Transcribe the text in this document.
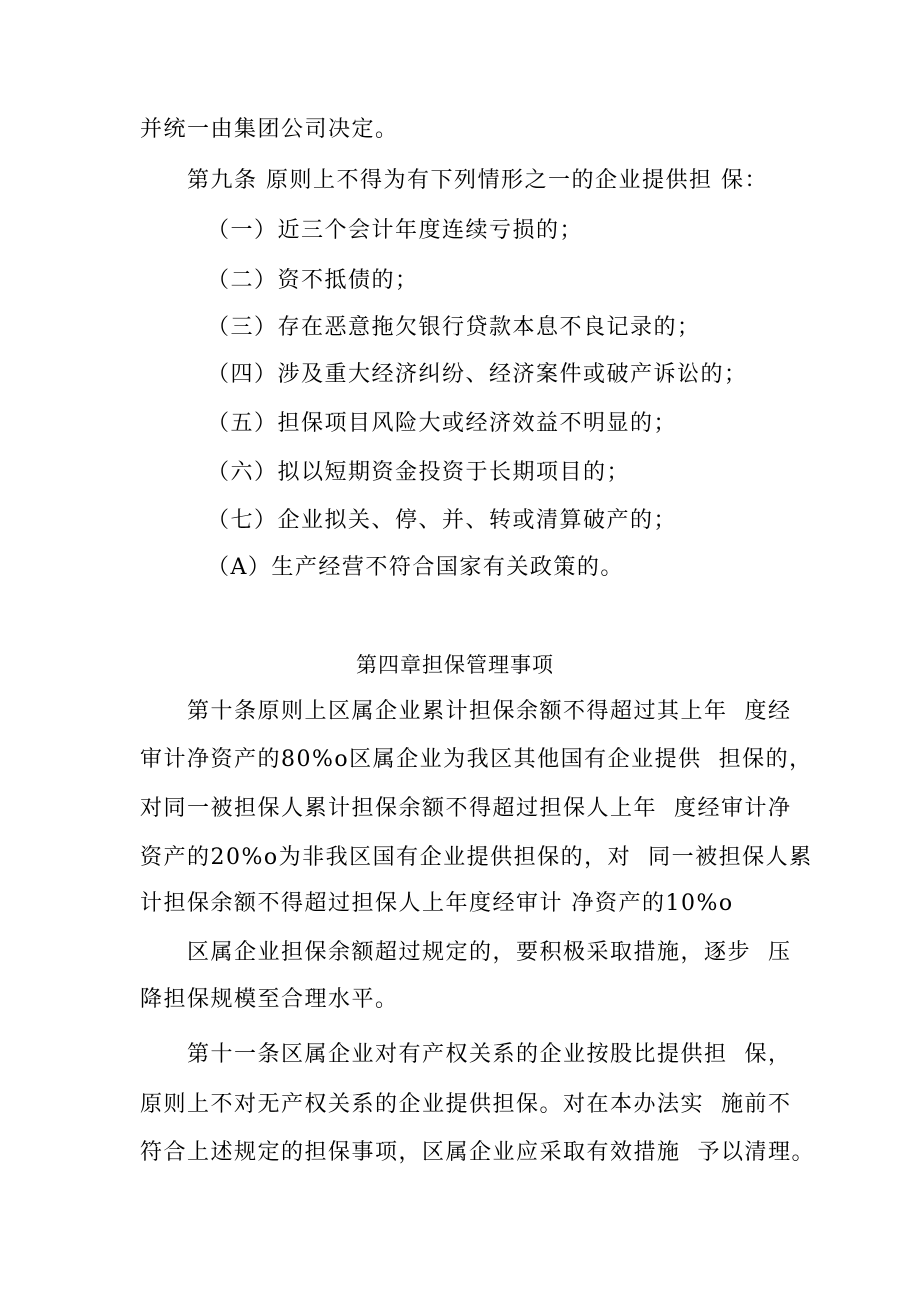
并统一由集团公司决定。
第九条 原则上不得为有下列情形之一的企业提供担 保：
（一）近三个会计年度连续亏损的；
（二）资不抵债的；
（三）存在恶意拖欠银行贷款本息不良记录的；
（四）涉及重大经济纠纷、经济案件或破产诉讼的；
（五）担保项目风险大或经济效益不明显的；
（六）拟以短期资金投资于长期项目的；
（七）企业拟关、停、并、转或清算破产的；
（A）生产经营不符合国家有关政策的。
第四章担保管理事项
第十条原则上区属企业累计担保余额不得超过其上年  度经
审计净资产的80%o区属企业为我区其他国有企业提供  担保的，
对同一被担保人累计担保余额不得超过担保人上年  度经审计净
资产的20%o为非我区国有企业提供担保的，对  同一被担保人累
计担保余额不得超过担保人上年度经审计 净资产的10%o
区属企业担保余额超过规定的，要积极采取措施，逐步  压
降担保规模至合理水平。
第十一条区属企业对有产权关系的企业按股比提供担  保，
原则上不对无产权关系的企业提供担保。对在本办法实  施前不
符合上述规定的担保事项，区属企业应采取有效措施  予以清理。
